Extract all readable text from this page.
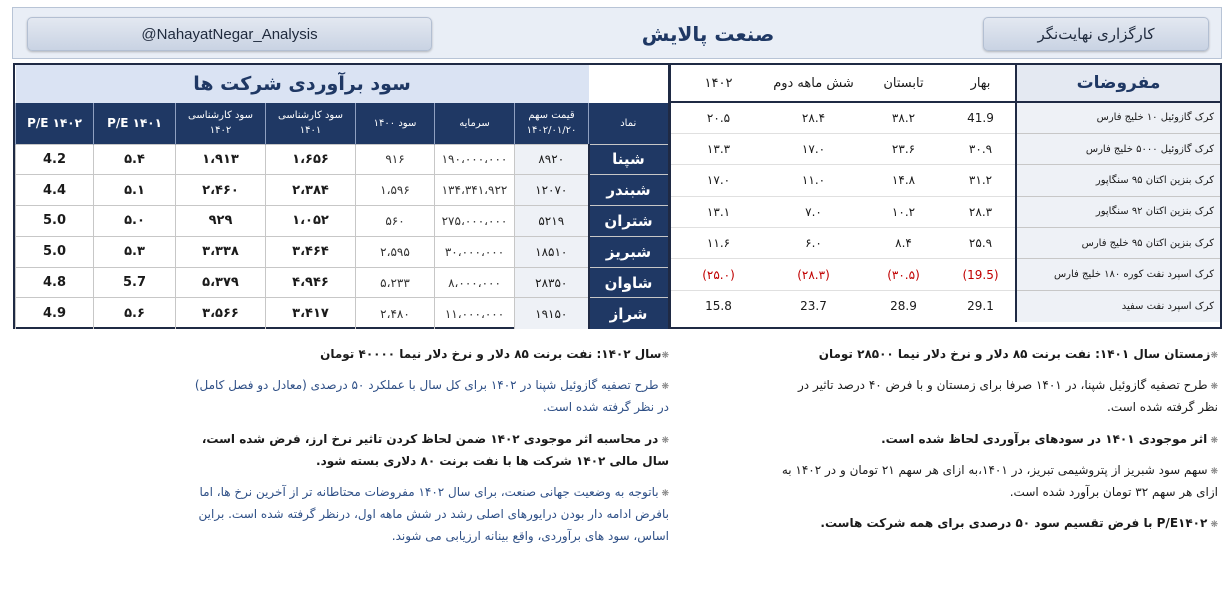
@NahayatNegar_Analysis	صنعت پالایش	کارگزاری نهایت‌نگر
سود برآوردی شرکت ها							
P/E ۱۴۰۲	P/E ۱۴۰۱	سود کارشناسی
۱۴۰۲	سود کارشناسی
۱۴۰۱	سود ۱۴۰۰	سرمایه	قیمت سهم
۱۴۰۲/۰۱/۲۰	نماد
4.2	۵.۴	۱،۹۱۳	۱،۶۵۶	۹۱۶	۱۹۰،۰۰۰،۰۰۰	۸۹۲۰	شپنا
4.4	۵.۱	۲،۴۶۰	۲،۳۸۴	۱،۵۹۶	۱۳۴،۳۴۱،۹۲۲	۱۲۰۷۰	شبندر
5.0	۵.۰	۹۲۹	۱،۰۵۲	۵۶۰	۲۷۵،۰۰۰،۰۰۰	۵۲۱۹	شتران
5.0	۵.۳	۳،۳۳۸	۳،۴۶۴	۲،۵۹۵	۳۰،۰۰۰،۰۰۰	۱۸۵۱۰	شبریز
4.8	5.7	۵،۳۷۹	۴،۹۴۶	۵،۲۳۳	۸،۰۰۰،۰۰۰	۲۸۳۵۰	شاوان
4.9	۵.۶	۳،۵۶۶	۳،۴۱۷	۲،۴۸۰	۱۱،۰۰۰،۰۰۰	۱۹۱۵۰	شراز
۱۴۰۲	شش ماهه دوم	تابستان	بهار	مفروضات
۲۰.۵	۲۸.۴	۳۸.۲	41.9	کرک گازوئیل ۱۰ خلیج فارس
۱۳.۳	۱۷.۰	۲۳.۶	۳۰.۹	کرک گازوئیل ۵۰۰۰ خلیج فارس
۱۷.۰	۱۱.۰	۱۴.۸	۳۱.۲	کرک بنزین اکتان ۹۵ سنگاپور
۱۳.۱	۷.۰	۱۰.۲	۲۸.۳	کرک بنزین اکتان ۹۲ سنگاپور
۱۱.۶	۶.۰	۸.۴	۲۵.۹	کرک بنزین اکتان ۹۵ خلیج فارس
(۲۵.۰)	(۲۸.۳)	(۳۰.۵)	(19.5)	کرک اسپرد نفت کوره ۱۸۰ خلیج فارس
15.8	23.7	28.9	29.1	کرک اسپرد نفت سفید

❋سال ۱۴۰۲: نفت برنت ۸۵ دلار و نرخ دلار نیما ۴۰۰۰۰ تومان

❋ طرح تصفیه گازوئیل شپنا در ۱۴۰۲ برای کل سال با عملکرد ۵۰ درصدی (معادل دو فصل کامل) در نظر گرفته شده است.

❋ در محاسبه اثر موجودی ۱۴۰۲ ضمن لحاظ کردن تاثیر نرخ ارز، فرض شده است، سال مالی ۱۴۰۲ شرکت ها با نفت برنت ۸۰ دلاری بسته شود.

❋ باتوجه به وضعیت جهانی صنعت، برای سال ۱۴۰۲ مفروضات محتاطانه تر از آخرین نرخ ها، اما بافرض ادامه دار بودن درایورهای اصلی رشد در شش ماهه اول، درنظر گرفته شده است. براین اساس، سود های برآوردی، واقع بینانه ارزیابی می شوند.

❋زمستان سال ۱۴۰۱: نفت برنت ۸۵ دلار و نرخ دلار نیما ۲۸۵۰۰ تومان

❋ طرح تصفیه گازوئیل شپنا، در ۱۴۰۱ صرفا برای زمستان و با فرض ۴۰ درصد تاثیر در نظر گرفته شده است.

❋ اثر موجودی ۱۴۰۱ در سودهای برآوردی لحاظ شده است.

❋ سهم سود شبریز از پتروشیمی تبریز، در ۱۴۰۱،به ازای هر سهم ۲۱ تومان و در ۱۴۰۲ به ازای هر سهم ۳۲ تومان برآورد شده است.

❋ P/E۱۴۰۲ با فرض تقسیم سود ۵۰ درصدی برای همه شرکت هاست.
